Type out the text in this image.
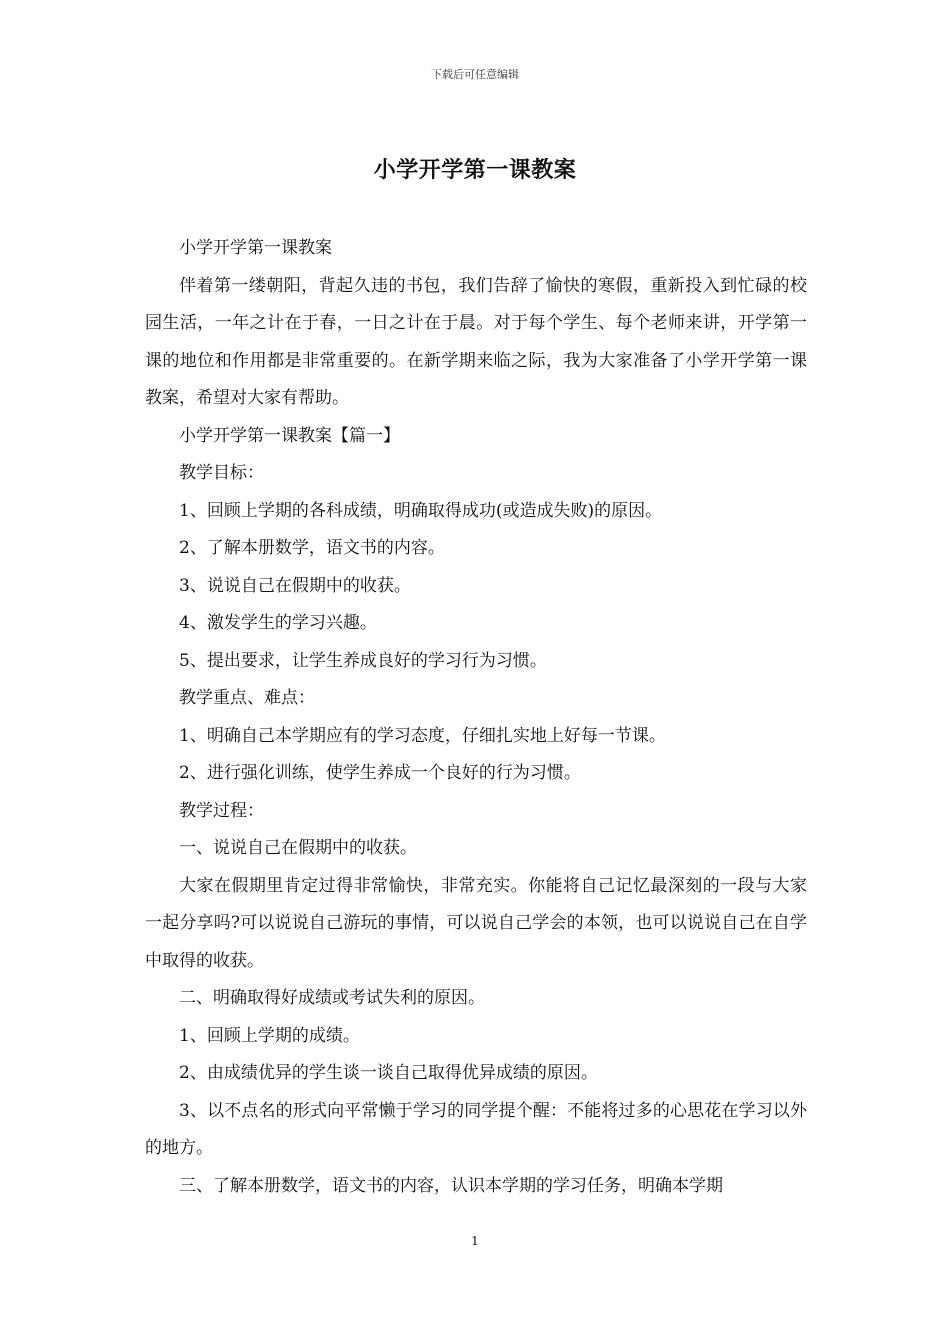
下载后可任意编辑
小学开学第一课教案

小学开学第一课教案

伴着第一缕朝阳，背起久违的书包，我们告辞了愉快的寒假，重新投入到忙碌的校园生活，一年之计在于春，一日之计在于晨。对于每个学生、每个老师来讲，开学第一课的地位和作用都是非常重要的。在新学期来临之际，我为大家准备了小学开学第一课教案，希望对大家有帮助。

小学开学第一课教案【篇一】

教学目标：

1、回顾上学期的各科成绩，明确取得成功(或造成失败)的原因。

2、了解本册数学，语文书的内容。

3、说说自己在假期中的收获。

4、激发学生的学习兴趣。

5、提出要求，让学生养成良好的学习行为习惯。

教学重点、难点：

1、明确自己本学期应有的学习态度，仔细扎实地上好每一节课。

2、进行强化训练，使学生养成一个良好的行为习惯。

教学过程：

一、说说自己在假期中的收获。

大家在假期里肯定过得非常愉快，非常充实。你能将自己记忆最深刻的一段与大家一起分享吗?可以说说自己游玩的事情，可以说自己学会的本领，也可以说说自己在自学中取得的收获。

二、明确取得好成绩或考试失利的原因。

1、回顾上学期的成绩。

2、由成绩优异的学生谈一谈自己取得优异成绩的原因。

3、以不点名的形式向平常懒于学习的同学提个醒：不能将过多的心思花在学习以外的地方。

三、了解本册数学，语文书的内容，认识本学期的学习任务，明确本学期

1
